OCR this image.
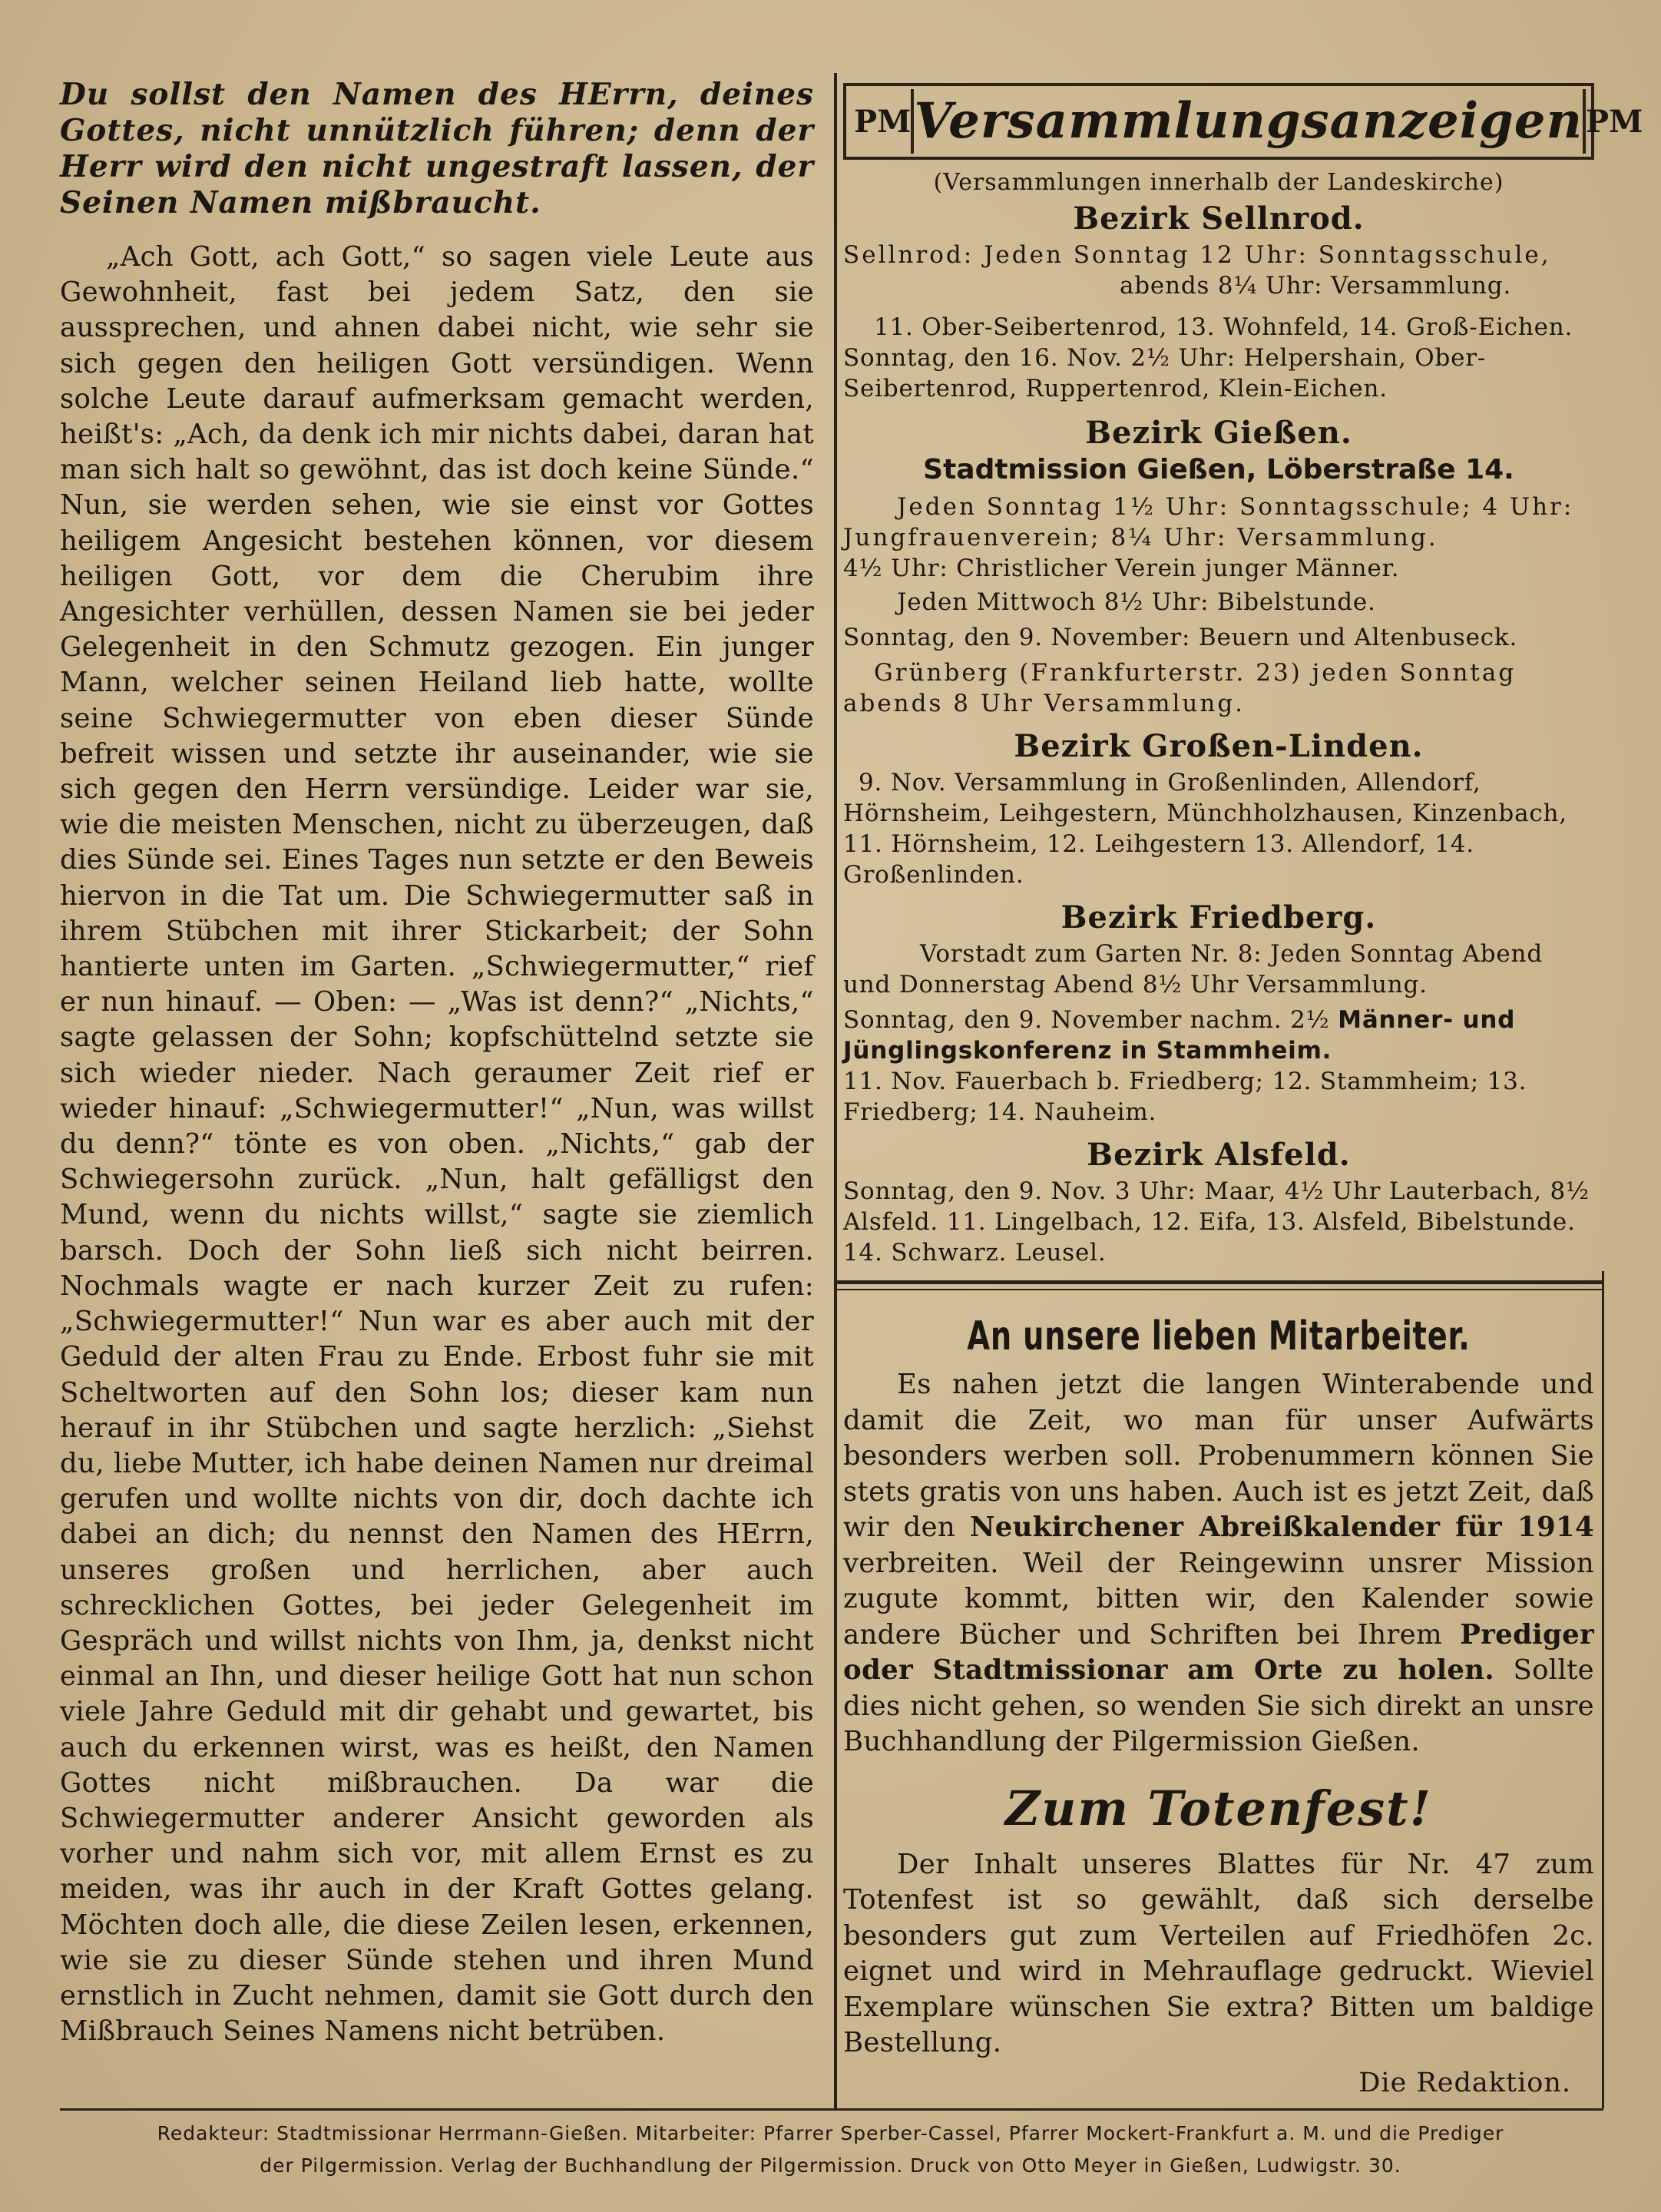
Du sollst den Namen des HErrn, deines Gottes, nicht unnützlich führen; denn der Herr wird den nicht ungestraft lassen, der Seinen Namen mißbraucht.

„Ach Gott, ach Gott,“ so sagen viele Leute aus Gewohnheit, fast bei jedem Satz, den sie aussprechen, und ahnen dabei nicht, wie sehr sie sich gegen den heiligen Gott versündigen. Wenn solche Leute darauf aufmerksam gemacht werden, heißt's: „Ach, da denk ich mir nichts dabei, daran hat man sich halt so gewöhnt, das ist doch keine Sünde.“ Nun, sie werden sehen, wie sie einst vor Gottes heiligem Angesicht bestehen können, vor diesem heiligen Gott, vor dem die Cherubim ihre Angesichter verhüllen, dessen Namen sie bei jeder Gelegenheit in den Schmutz gezogen. Ein junger Mann, welcher seinen Heiland lieb hatte, wollte seine Schwiegermutter von eben dieser Sünde befreit wissen und setzte ihr auseinander, wie sie sich gegen den Herrn versündige. Leider war sie, wie die meisten Menschen, nicht zu überzeugen, daß dies Sünde sei. Eines Tages nun setzte er den Beweis hiervon in die Tat um. Die Schwiegermutter saß in ihrem Stübchen mit ihrer Stickarbeit; der Sohn hantierte unten im Garten. „Schwiegermutter,“ rief er nun hinauf. — Oben: — „Was ist denn?“ „Nichts,“ sagte gelassen der Sohn; kopfschüttelnd setzte sie sich wieder nieder. Nach geraumer Zeit rief er wieder hinauf: „Schwiegermutter!“ „Nun, was willst du denn?“ tönte es von oben. „Nichts,“ gab der Schwiegersohn zurück. „Nun, halt gefälligst den Mund, wenn du nichts willst,“ sagte sie ziemlich barsch. Doch der Sohn ließ sich nicht beirren. Nochmals wagte er nach kurzer Zeit zu rufen: „Schwiegermutter!“ Nun war es aber auch mit der Geduld der alten Frau zu Ende. Erbost fuhr sie mit Scheltworten auf den Sohn los; dieser kam nun herauf in ihr Stübchen und sagte herzlich: „Siehst du, liebe Mutter, ich habe deinen Namen nur dreimal gerufen und wollte nichts von dir, doch dachte ich dabei an dich; du nennst den Namen des HErrn, unseres großen und herrlichen, aber auch schrecklichen Gottes, bei jeder Gelegenheit im Gespräch und willst nichts von Ihm, ja, denkst nicht einmal an Ihn, und dieser heilige Gott hat nun schon viele Jahre Geduld mit dir gehabt und gewartet, bis auch du erkennen wirst, was es heißt, den Namen Gottes nicht mißbrauchen. Da war die Schwiegermutter anderer Ansicht geworden als vorher und nahm sich vor, mit allem Ernst es zu meiden, was ihr auch in der Kraft Gottes gelang. Möchten doch alle, die diese Zeilen lesen, erkennen, wie sie zu dieser Sünde stehen und ihren Mund ernstlich in Zucht nehmen, damit sie Gott durch den Mißbrauch Seines Namens nicht betrüben.

PM Versammlungsanzeigen PM
(Versammlungen innerhalb der Landeskirche)
Bezirk Sellnrod.

Sellnrod: Jeden Sonntag 12 Uhr: Sonntagsschule,

abends 8¼ Uhr: Versammlung.

11. Ober-Seibertenrod, 13. Wohnfeld, 14. Groß-Eichen.

Sonntag, den 16. Nov. 2½ Uhr: Helpershain, Ober-Seibertenrod, Ruppertenrod, Klein-Eichen.

Bezirk Gießen.
Stadtmission Gießen, Löberstraße 14.

Jeden Sonntag 1½ Uhr: Sonntagsschule; 4 Uhr: Jungfrauenverein; 8¼ Uhr: Versammlung.

4½ Uhr: Christlicher Verein junger Männer.

Jeden Mittwoch 8½ Uhr: Bibelstunde.

Sonntag, den 9. November: Beuern und Altenbuseck.

Grünberg (Frankfurterstr. 23) jeden Sonntag abends 8 Uhr Versammlung.

Bezirk Großen-Linden.

9. Nov. Versammlung in Großenlinden, Allendorf, Hörnsheim, Leihgestern, Münchholzhausen, Kinzenbach,

11. Hörnsheim, 12. Leihgestern 13. Allendorf, 14. Großenlinden.

Bezirk Friedberg.

Vorstadt zum Garten Nr. 8: Jeden Sonntag Abend und Donnerstag Abend 8½ Uhr Versammlung.

Sonntag, den 9. November nachm. 2½ Männer- und Jünglingskonferenz in Stammheim.

11. Nov. Fauerbach b. Friedberg; 12. Stammheim; 13. Friedberg; 14. Nauheim.

Bezirk Alsfeld.

Sonntag, den 9. Nov. 3 Uhr: Maar, 4½ Uhr Lauterbach, 8½ Alsfeld. 11. Lingelbach, 12. Eifa, 13. Alsfeld, Bibelstunde. 14. Schwarz. Leusel.

An unsere lieben Mitarbeiter.

Es nahen jetzt die langen Winterabende und damit die Zeit, wo man für unser Aufwärts besonders werben soll. Probenummern können Sie stets gratis von uns haben. Auch ist es jetzt Zeit, daß wir den Neukirchener Abreißkalender für 1914 verbreiten. Weil der Reingewinn unsrer Mission zugute kommt, bitten wir, den Kalender sowie andere Bücher und Schriften bei Ihrem Prediger oder Stadtmissionar am Orte zu holen. Sollte dies nicht gehen, so wenden Sie sich direkt an unsre Buchhandlung der Pilgermission Gießen.

Zum Totenfest!

Der Inhalt unseres Blattes für Nr. 47 zum Totenfest ist so gewählt, daß sich derselbe besonders gut zum Verteilen auf Friedhöfen 2c. eignet und wird in Mehrauflage gedruckt. Wieviel Exemplare wünschen Sie extra? Bitten um baldige Bestellung.

Die Redaktion.
Redakteur: Stadtmissionar Herrmann-Gießen. Mitarbeiter: Pfarrer Sperber-Cassel, Pfarrer Mockert-Frankfurt a. M. und die Prediger
der Pilgermission. Verlag der Buchhandlung der Pilgermission. Druck von Otto Meyer in Gießen, Ludwigstr. 30.
